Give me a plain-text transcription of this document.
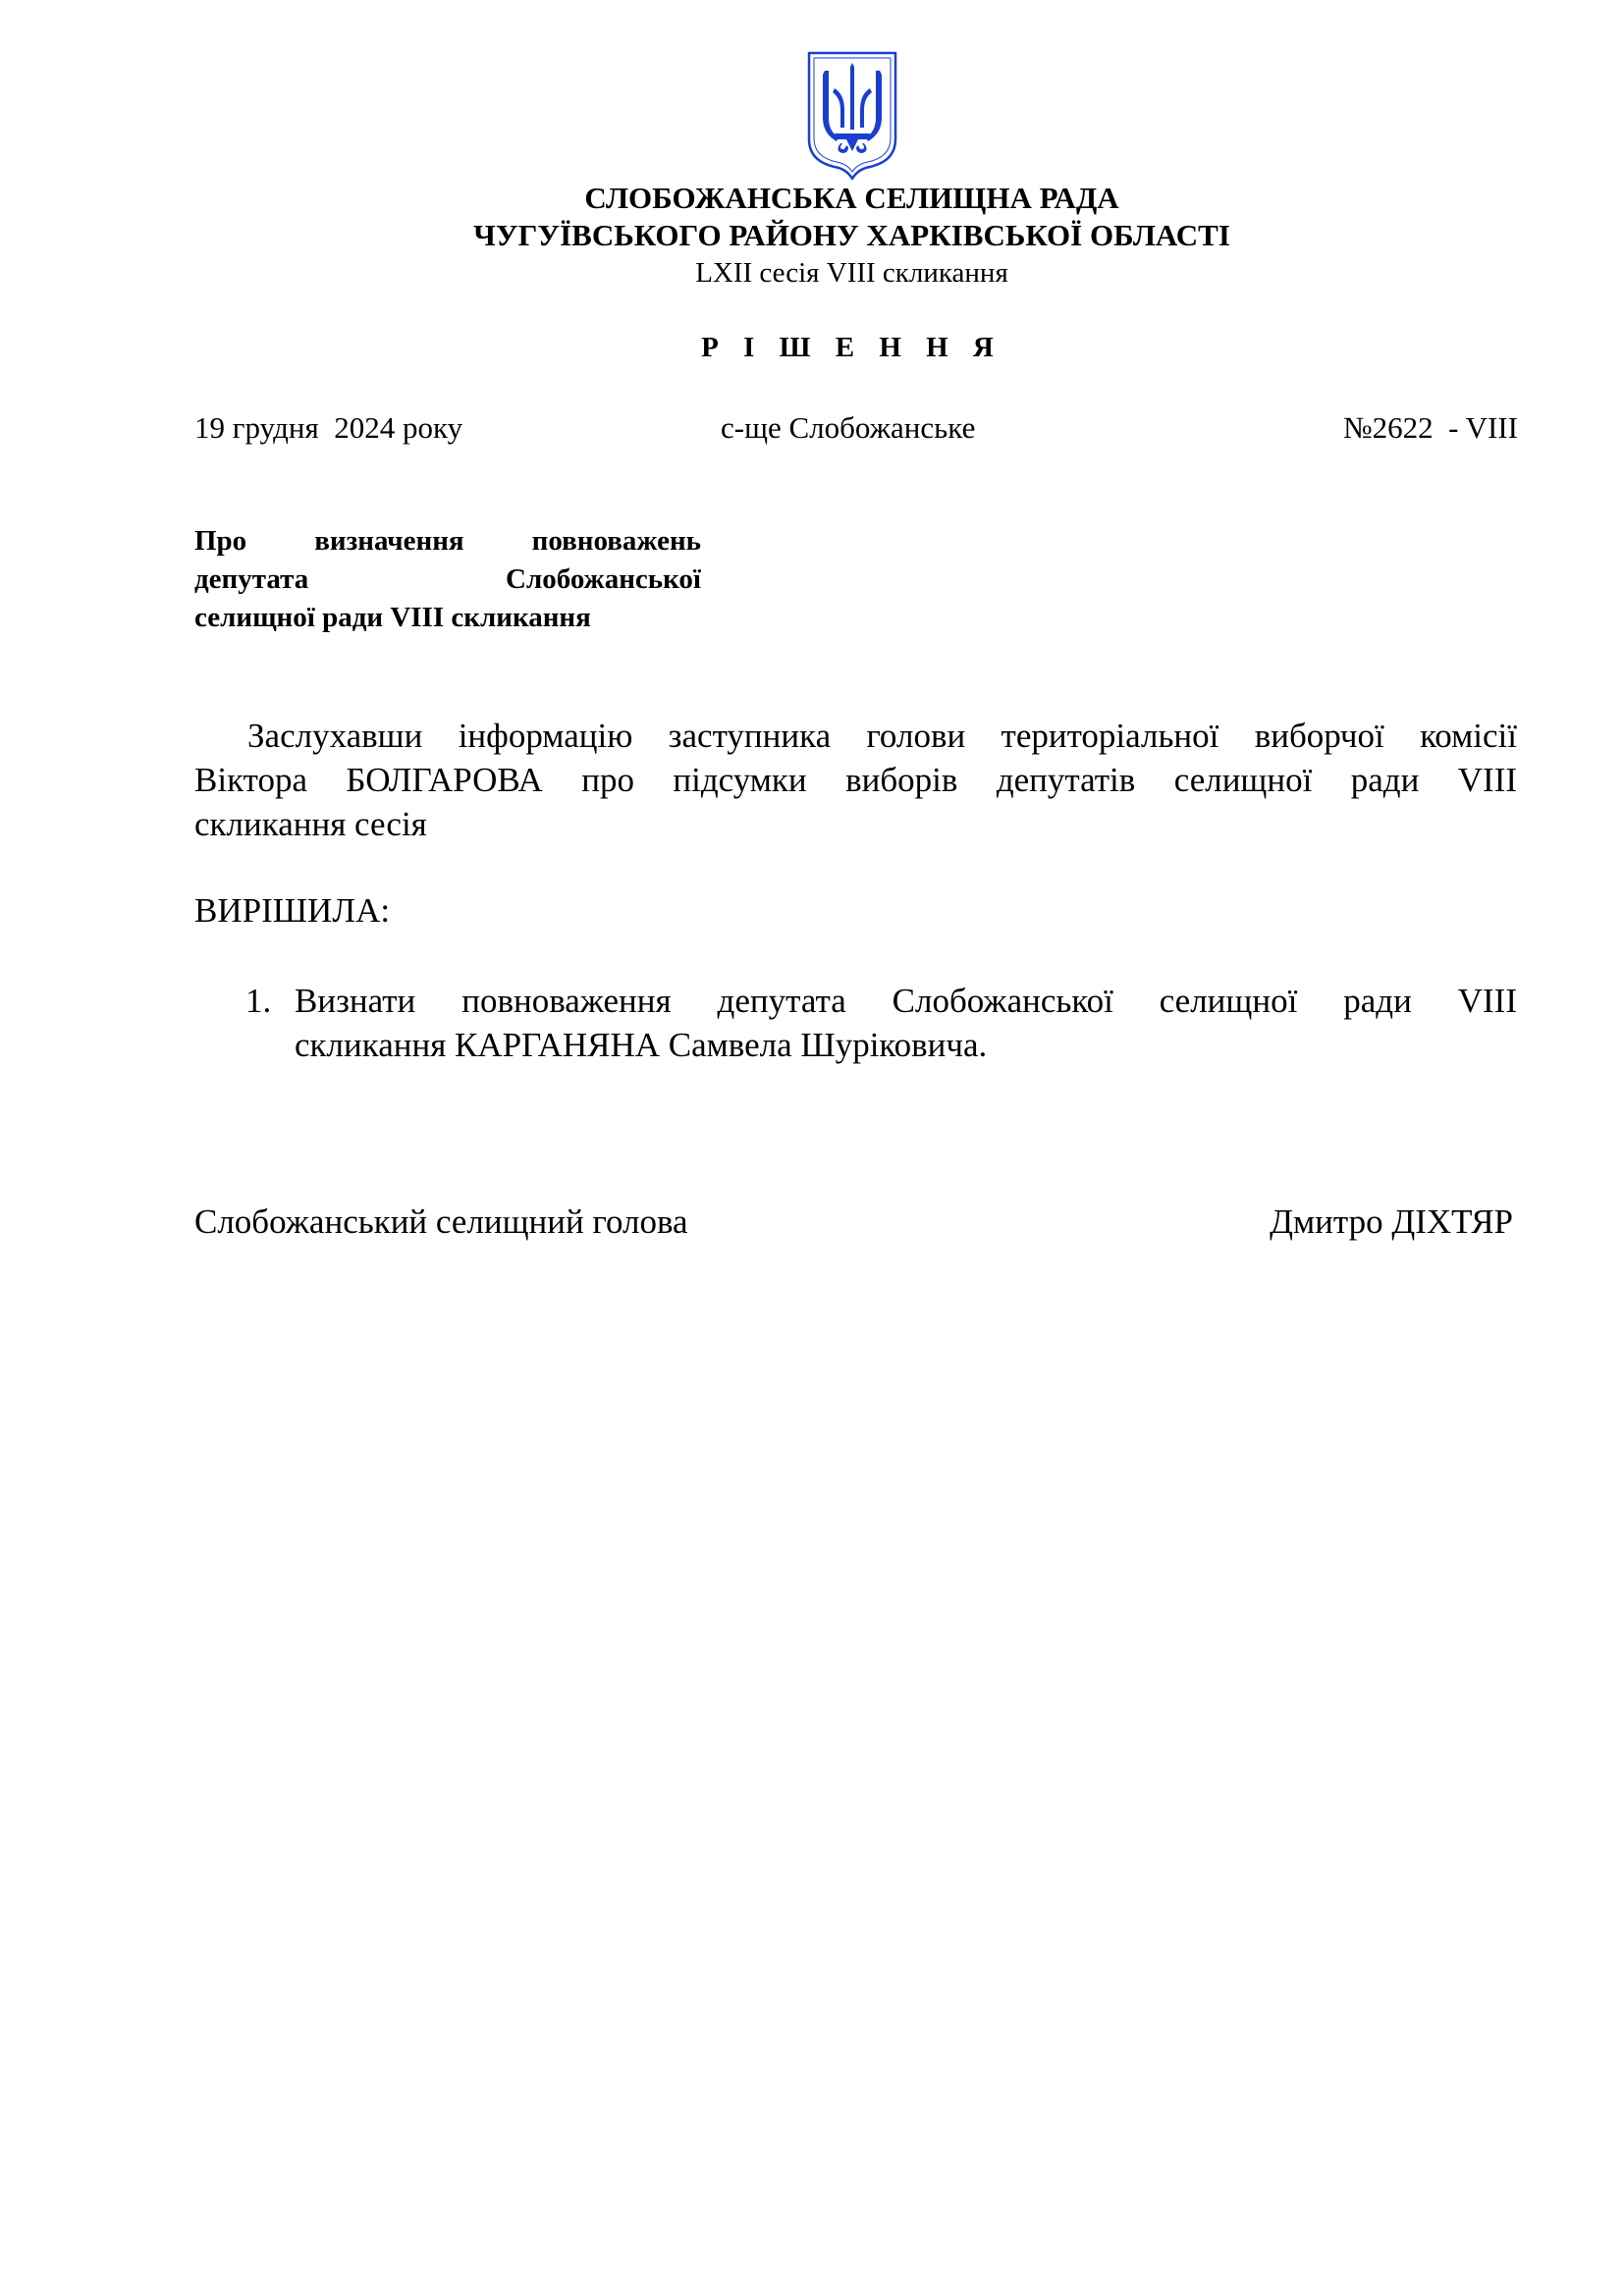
СЛОБОЖАНСЬКА СЕЛИЩНА РАДА
ЧУГУЇВСЬКОГО РАЙОНУ ХАРКІВСЬКОЇ ОБЛАСТІ
LXII сесія VIII скликання
Р І Ш Е Н Н Я
19 грудня  2024 року	с-ще Слобожанське	№2622  - VIII
Про визначення повноважень
депутата Слобожанської
селищної ради VIII скликання
Заслухавши інформацію заступника голови територіальної виборчої комісії
Віктора БОЛГАРОВА про підсумки виборів депутатів селищної ради VIII
скликання сесія
ВИРІШИЛА:
1. Визнати повноваження депутата Слобожанської селищної ради VIII
скликання КАРГАНЯНА Самвела Шуріковича.
Слобожанський селищний голова	Дмитро ДІХТЯР
